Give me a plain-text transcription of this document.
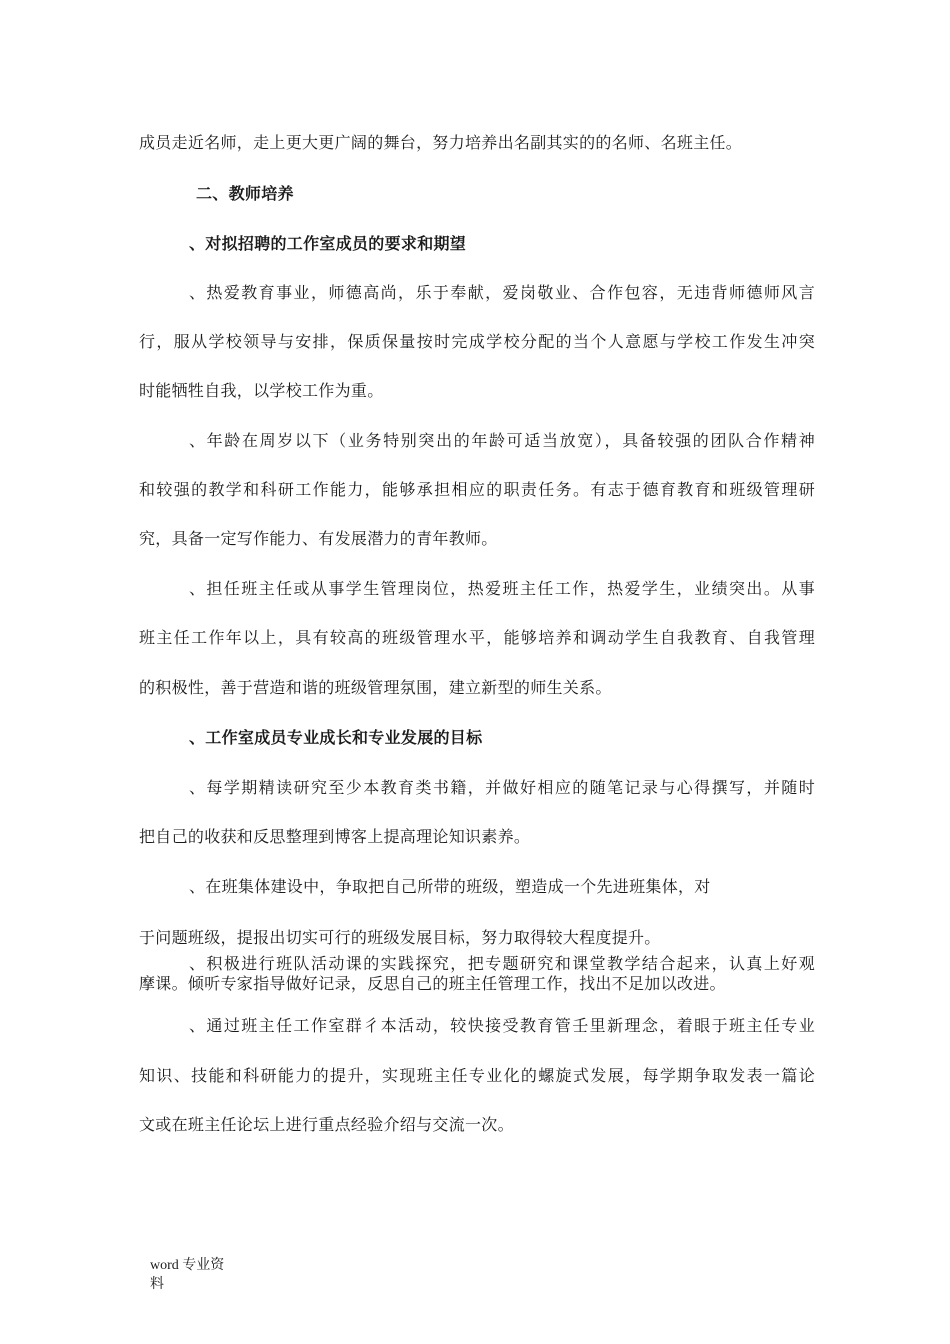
成员走近名师，走上更大更广阔的舞台，努力培养出名副其实的的名师、名班主任。
二、教师培养
、对拟招聘的工作室成员的要求和期望
、热爱教育事业，师德高尚，乐于奉献，爱岗敬业、合作包容，无违背师德师风言
行，服从学校领导与安排，保质保量按时完成学校分配的当个人意愿与学校工作发生冲突
时能牺牲自我，以学校工作为重。
、年龄在周岁以下（业务特别突出的年龄可适当放宽），具备较强的团队合作精神
和较强的教学和科研工作能力，能够承担相应的职责任务。有志于德育教育和班级管理研
究，具备一定写作能力、有发展潜力的青年教师。
、担任班主任或从事学生管理岗位，热爱班主任工作，热爱学生，业绩突出。从事
班主任工作年以上，具有较高的班级管理水平，能够培养和调动学生自我教育、自我管理
的积极性，善于营造和谐的班级管理氛围，建立新型的师生关系。
、工作室成员专业成长和专业发展的目标
、每学期精读研究至少本教育类书籍，并做好相应的随笔记录与心得撰写，并随时
把自己的收获和反思整理到博客上提高理论知识素养。
、在班集体建设中，争取把自己所带的班级，塑造成一个先进班集体，对
于问题班级，提报出切实可行的班级发展目标，努力取得较大程度提升。
、积极进行班队活动课的实践探究，把专题研究和课堂教学结合起来，认真上好观
摩课。倾听专家指导做好记录，反思自己的班主任管理工作，找出不足加以改进。
、通过班主任工作室群彳本活动，较快接受教育管壬里新理念，着眼于班主任专业
知识、技能和科研能力的提升，实现班主任专业化的螺旋式发展，每学期争取发表一篇论
文或在班主任论坛上进行重点经验介绍与交流一次。
word 专业资
料
